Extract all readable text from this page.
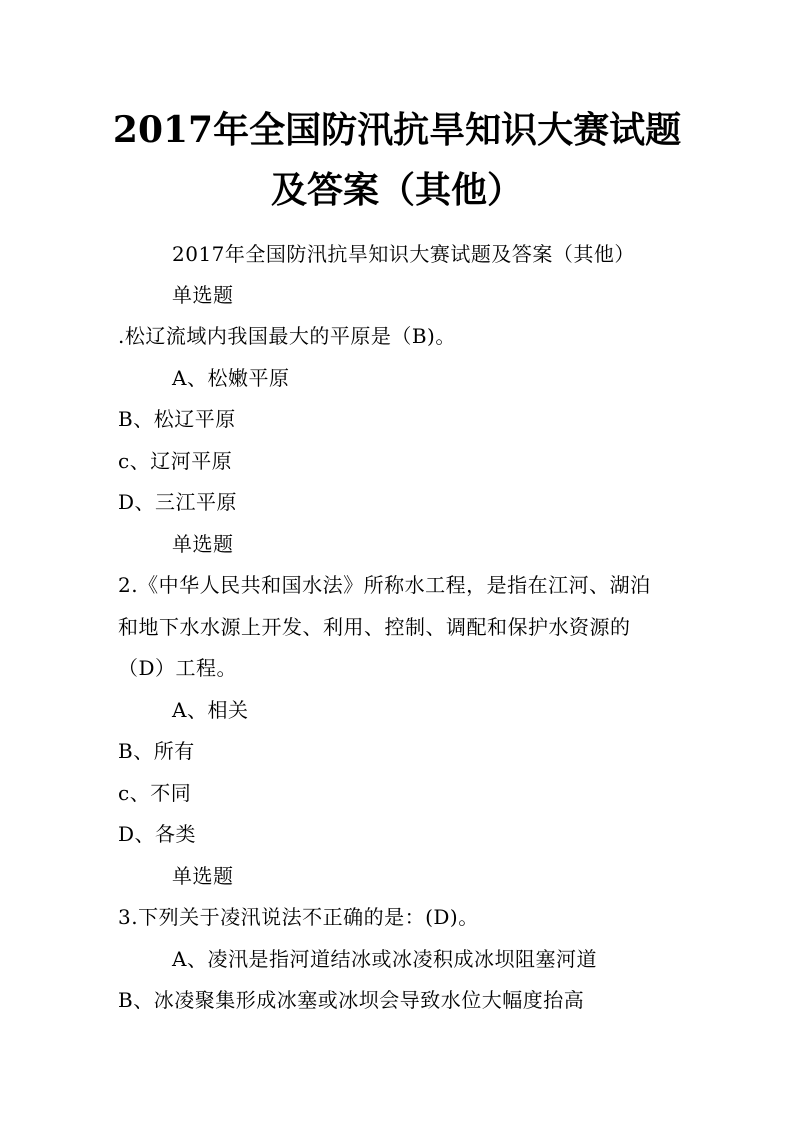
2017年全国防汛抗旱知识大赛试题
及答案（其他）
2017年全国防汛抗旱知识大赛试题及答案（其他）
单选题
.松辽流域内我国最大的平原是（B)。
A、松嫩平原
B、松辽平原
c、辽河平原
D、三江平原
单选题
2.《中华人民共和国水法》所称水工程，是指在江河、湖泊
和地下水水源上开发、利用、控制、调配和保护水资源的
（D）工程。
A、相关
B、所有
c、不同
D、各类
单选题
3.下列关于凌汛说法不正确的是：(D)。
A、凌汛是指河道结冰或冰凌积成冰坝阻塞河道
B、冰凌聚集形成冰塞或冰坝会导致水位大幅度抬高
